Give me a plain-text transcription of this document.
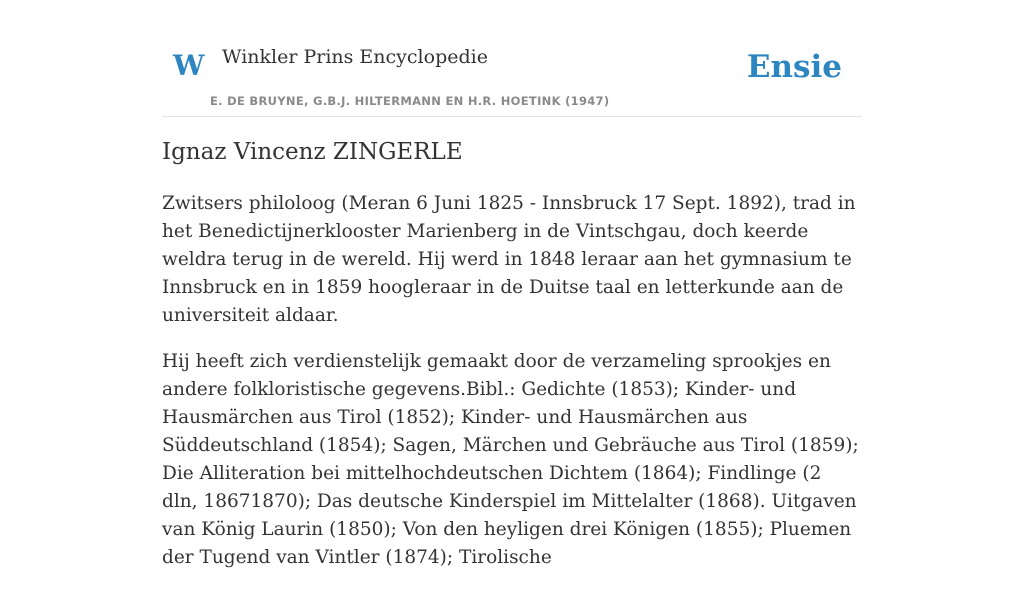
W Winkler Prins Encyclopedie
E. DE BRUYNE, G.B.J. HILTERMANN EN H.R. HOETINK (1947)
Ensie
Ignaz Vincenz ZINGERLE

Zwitsers philoloog (Meran 6 Juni 1825 - Innsbruck 17 Sept. 1892), trad in het Benedictijnerklooster Marienberg in de Vintschgau, doch keerde weldra terug in de wereld. Hij werd in 1848 leraar aan het gymnasium te Innsbruck en in 1859 hoogleraar in de Duitse taal en letterkunde aan de universiteit aldaar.

Hij heeft zich verdienstelijk gemaakt door de verzameling sprookjes en andere folkloristische gegevens.Bibl.: Gedichte (1853); Kinder- und Hausmärchen aus Tirol (1852); Kinder- und Hausmärchen aus Süddeutschland (1854); Sagen, Märchen und Gebräuche aus Tirol (1859); Die Alliteration bei mittelhochdeutschen Dichtem (1864); Findlinge (2 dln, 18671870); Das deutsche Kinderspiel im Mittelalter (1868). Uitgaven van König Laurin (1850); Von den heyligen drei Königen (1855); Pluemen der Tugend van Vintler (1874); Tirolische
